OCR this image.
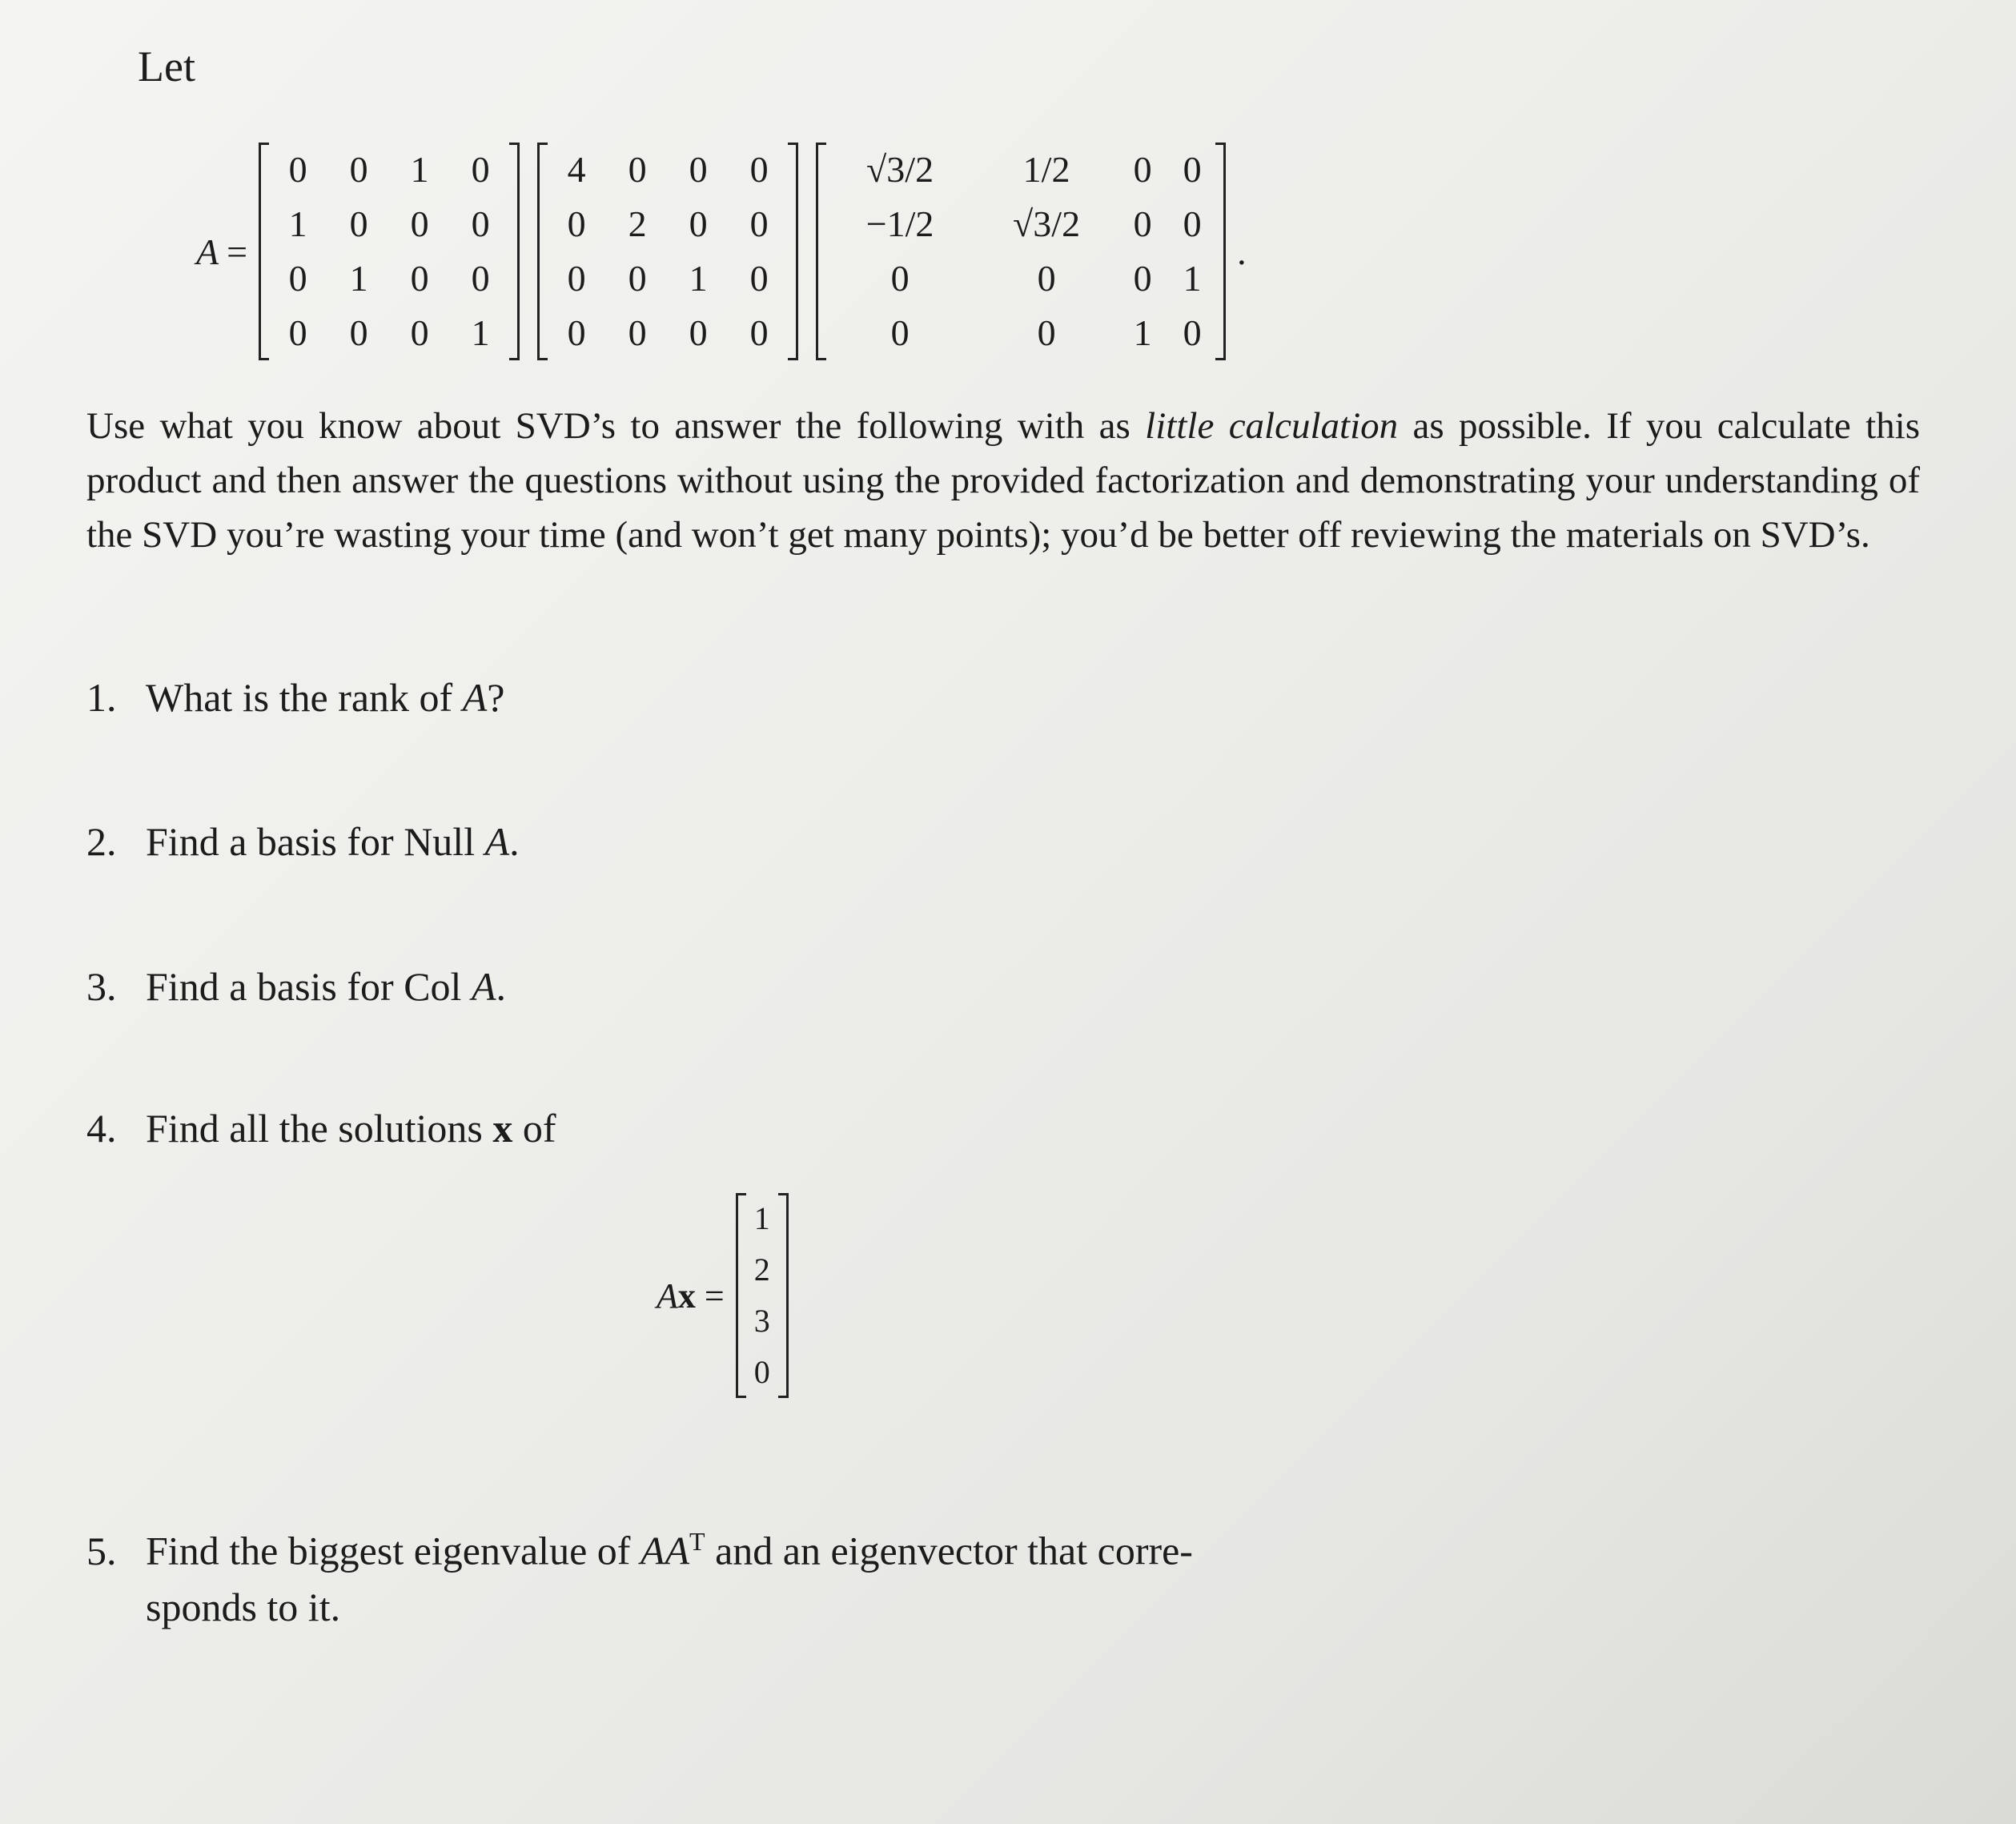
Let
A =
0	0	1	0
1	0	0	0
0	1	0	0
0	0	0	1
4	0	0	0
0	2	0	0
0	0	1	0
0	0	0	0
√3/2	1/2	0 0
−1/2	√3/2	0 0
0	0	0 1
0	0	1 0
.
Use what you know about SVD’s to answer the following with as little calculation as possible. If you calculate this product and then answer the questions without using the provided factorization and demonstrating your understanding of the SVD you’re wasting your time (and won’t get many points); you’d be better off reviewing the materials on SVD’s.
1. What is the rank of A?
2. Find a basis for Null A.
3. Find a basis for Col A.
4. Find all the solutions x of
Ax =
1
2
3
0
5. Find the biggest eigenvalue of $AA^T$ and an eigenvector that corre-
sponds to it.
